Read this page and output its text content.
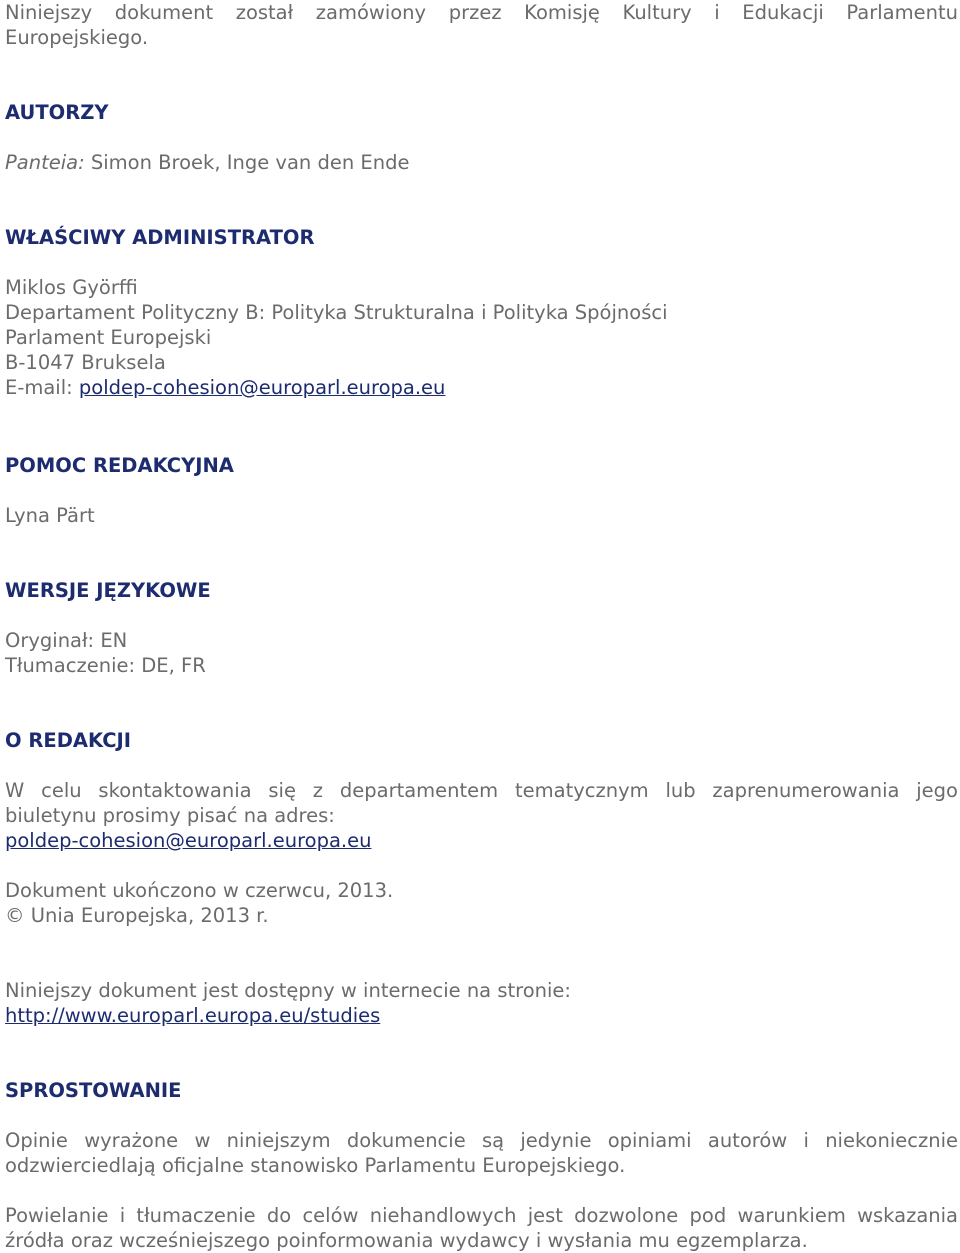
Niniejszy dokument został zamówiony przez Komisję Kultury i Edukacji Parlamentu Europejskiego.

AUTORZY
Panteia: Simon Broek, Inge van den Ende
WŁAŚCIWY ADMINISTRATOR
Miklos Györffi
Departament Polityczny B: Polityka Strukturalna i Polityka Spójności
Parlament Europejski
B-1047 Bruksela
E-mail: poldep-cohesion@europarl.europa.eu
POMOC REDAKCYJNA
Lyna Pärt
WERSJE JĘZYKOWE
Oryginał: EN
Tłumaczenie: DE, FR
O REDAKCJI

W celu skontaktowania się z departamentem tematycznym lub zaprenumerowania jego biuletynu prosimy pisać na adres:

poldep-cohesion@europarl.europa.eu
Dokument ukończono w czerwcu, 2013.
© Unia Europejska, 2013 r.
Niniejszy dokument jest dostępny w internecie na stronie:
http://www.europarl.europa.eu/studies
SPROSTOWANIE

Opinie wyrażone w niniejszym dokumencie są jedynie opiniami autorów i niekoniecznie odzwierciedlają oficjalne stanowisko Parlamentu Europejskiego.

Powielanie i tłumaczenie do celów niehandlowych jest dozwolone pod warunkiem wskazania źródła oraz wcześniejszego poinformowania wydawcy i wysłania mu egzemplarza.
